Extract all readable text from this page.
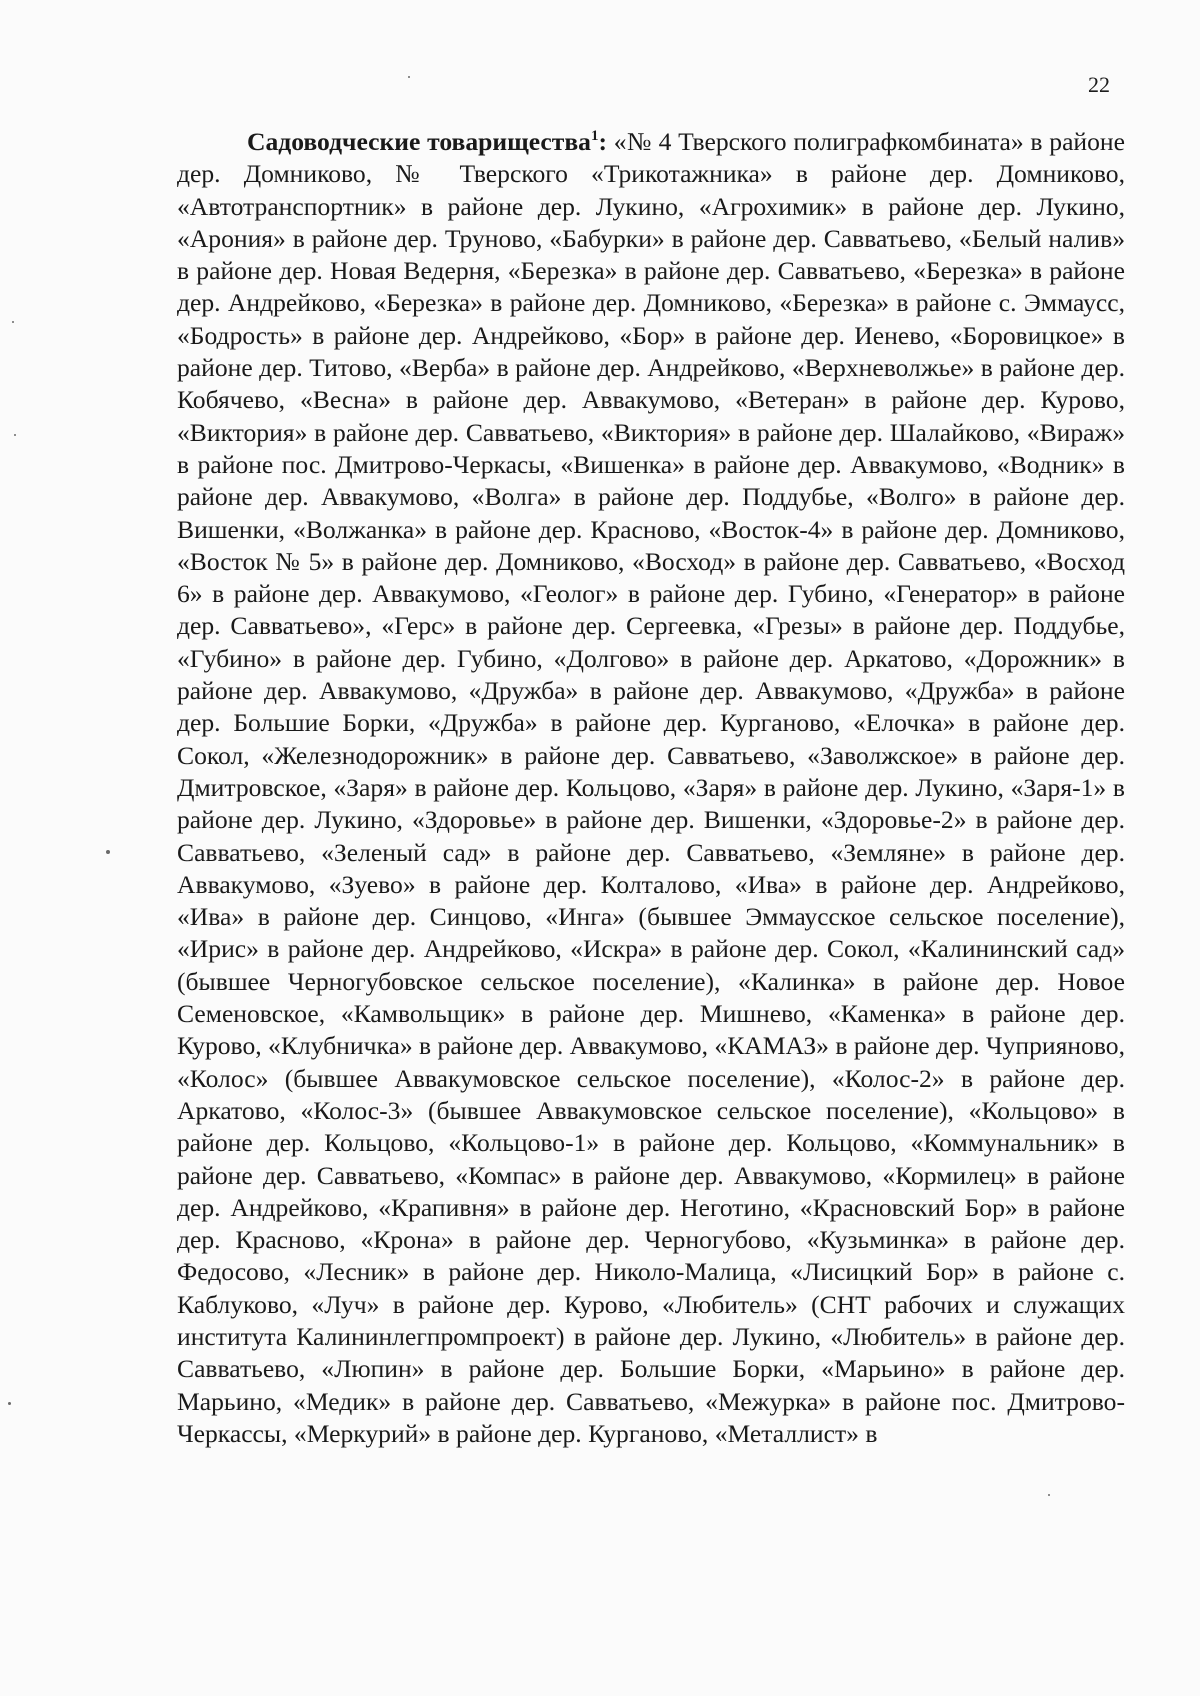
22

Садоводческие товарищества$^1$: «№ 4 Тверского полиграфкомбината» в районе дер. Домниково, № Тверского «Трикотажника» в районе дер. Домниково, «Автотранспортник» в районе дер. Лукино, «Агрохимик» в районе дер. Лукино, «Арония» в районе дер. Труново, «Бабурки» в районе дер. Савватьево, «Белый налив» в районе дер. Новая Ведерня, «Березка» в районе дер. Савватьево, «Березка» в районе дер. Андрейково, «Березка» в районе дер. Домниково, «Березка» в районе с. Эммаусс, «Бодрость» в районе дер. Андрейково, «Бор» в районе дер. Иенево, «Боровицкое» в районе дер. Титово, «Верба» в районе дер. Андрейково, «Верхневолжье» в районе дер. Кобячево, «Весна» в районе дер. Аввакумово, «Ветеран» в районе дер. Курово, «Виктория» в районе дер. Савватьево, «Виктория» в районе дер. Шалайково, «Вираж» в районе пос. Дмитрово-Черкасы, «Вишенка» в районе дер. Аввакумово, «Водник» в районе дер. Аввакумово, «Волга» в районе дер. Поддубье, «Волго» в районе дер. Вишенки, «Волжанка» в районе дер. Красново, «Восток-4» в районе дер. Домниково, «Восток № 5» в районе дер. Домниково, «Восход» в районе дер. Савватьево, «Восход 6» в районе дер. Аввакумово, «Геолог» в районе дер. Губино, «Генератор» в районе дер. Савватьево», «Герс» в районе дер. Сергеевка, «Грезы» в районе дер. Поддубье, «Губино» в районе дер. Губино, «Долгово» в районе дер. Аркатово, «Дорожник» в районе дер. Аввакумово, «Дружба» в районе дер. Аввакумово, «Дружба» в районе дер. Большие Борки, «Дружба» в районе дер. Курганово, «Елочка» в районе дер. Сокол, «Железнодорожник» в районе дер. Савватьево, «Заволжское» в районе дер. Дмитровское, «Заря» в районе дер. Кольцово, «Заря» в районе дер. Лукино, «Заря-1» в районе дер. Лукино, «Здоровье» в районе дер. Вишенки, «Здоровье-2» в районе дер. Савватьево, «Зеленый сад» в районе дер. Савватьево, «Земляне» в районе дер. Аввакумово, «Зуево» в районе дер. Колталово, «Ива» в районе дер. Андрейково, «Ива» в районе дер. Синцово, «Инга» (бывшее Эммаусское сельское поселение), «Ирис» в районе дер. Андрейково, «Искра» в районе дер. Сокол, «Калининский сад» (бывшее Черногубовское сельское поселение), «Калинка» в районе дер. Новое Семеновское, «Камвольщик» в районе дер. Мишнево, «Каменка» в районе дер. Курово, «Клубничка» в районе дер. Аввакумово, «КАМАЗ» в районе дер. Чуприяново, «Колос» (бывшее Аввакумовское сельское поселение), «Колос-2» в районе дер. Аркатово, «Колос-3» (бывшее Аввакумовское сельское поселение), «Кольцово» в районе дер. Кольцово, «Кольцово-1» в районе дер. Кольцово, «Коммунальник» в районе дер. Савватьево, «Компас» в районе дер. Аввакумово, «Кормилец» в районе дер. Андрейково, «Крапивня» в районе дер. Неготино, «Красновский Бор» в районе дер. Красново, «Крона» в районе дер. Черногубово, «Кузьминка» в районе дер. Федосово, «Лесник» в районе дер. Николо-Малица, «Лисицкий Бор» в районе с. Каблуково, «Луч» в районе дер. Курово, «Любитель» (СНТ рабочих и служащих института Калининлегпромпроект) в районе дер. Лукино, «Любитель» в районе дер. Савватьево, «Люпин» в районе дер. Большие Борки, «Марьино» в районе дер. Марьино, «Медик» в районе дер. Савватьево, «Межурка» в районе пос. Дмитрово-Черкассы, «Меркурий» в районе дер. Курганово, «Металлист» в
